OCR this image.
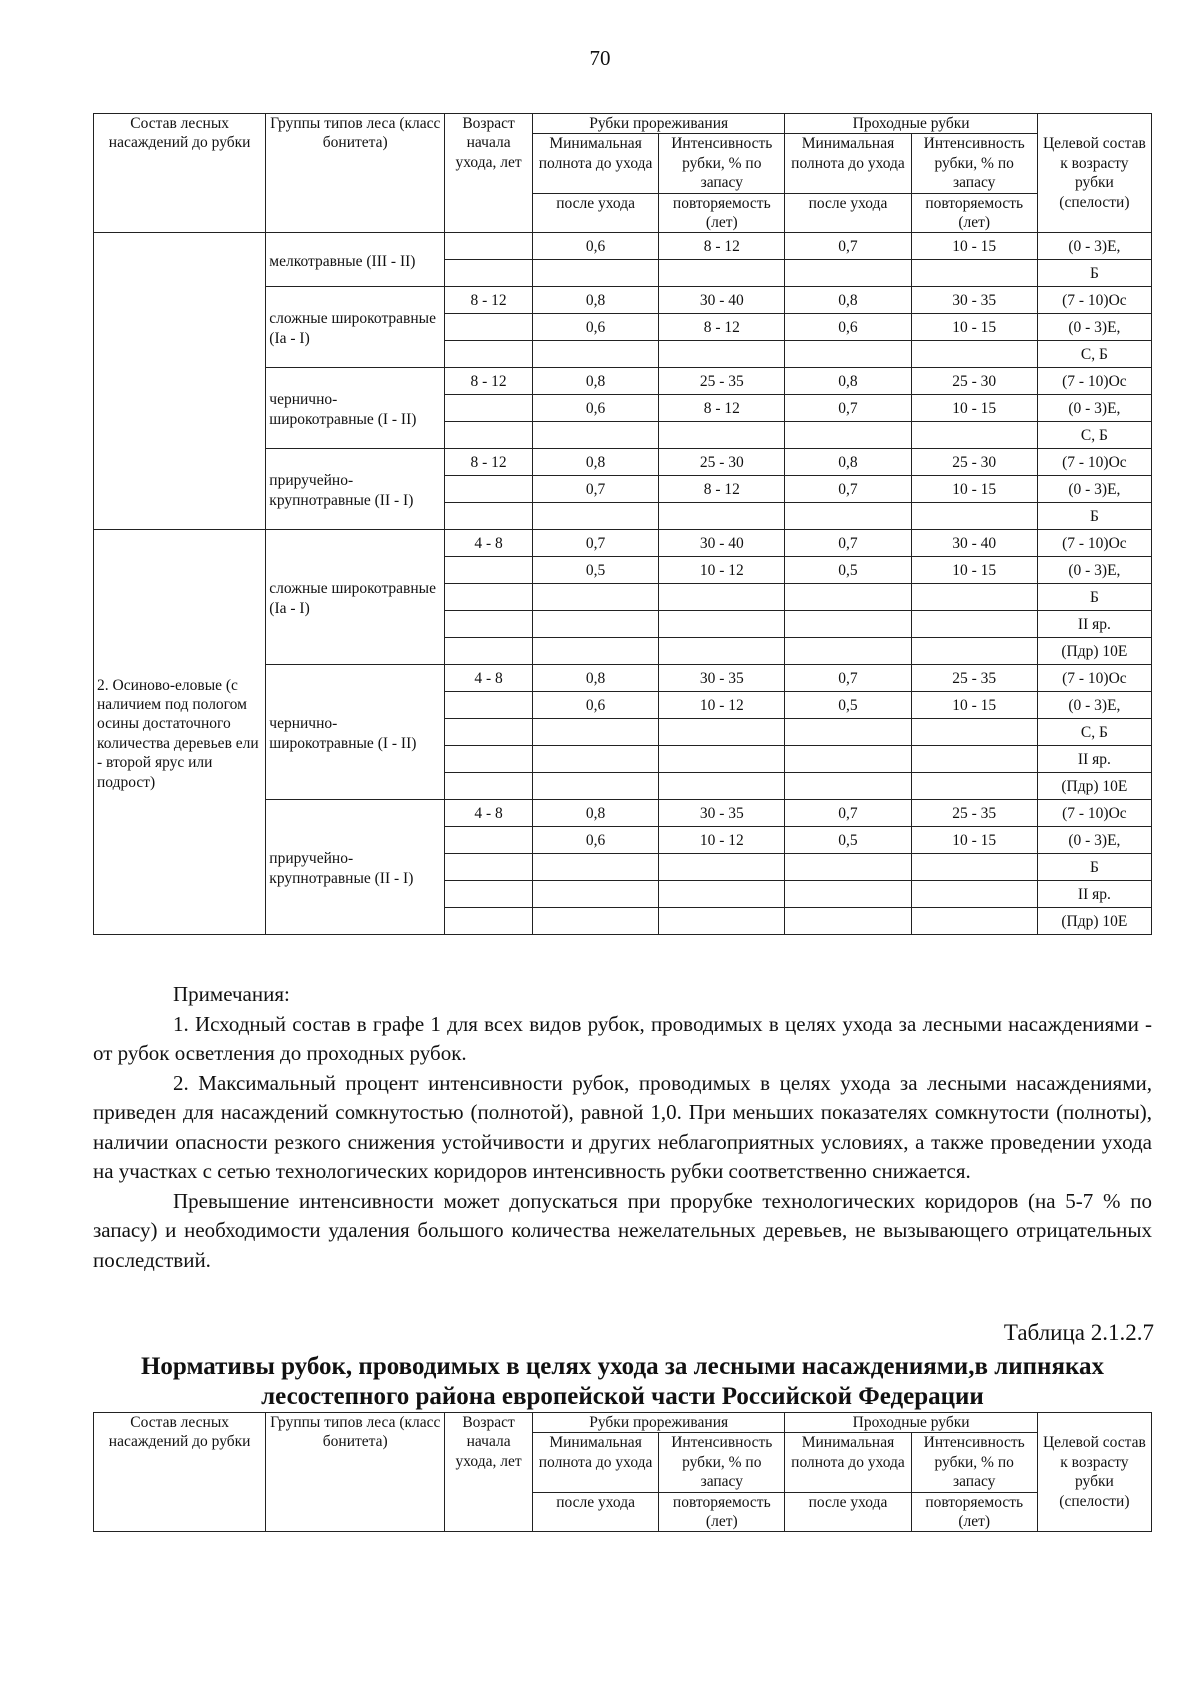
70
Состав лесных насаждений до рубки	Группы типов леса (класс бонитета)	Возраст начала ухода, лет	Рубки прореживания		Проходные рубки		Целевой состав к возрасту рубки (спелости)
			Минимальная полнота до ухода	Интенсивность рубки, % по запасу	Минимальная полнота до ухода	Интенсивность рубки, % по запасу	
			после ухода	повторяемость (лет)	после ухода	повторяемость (лет)	
	мелкотравные (III - II)		0,6	8 - 12	0,7	10 - 15	(0 - 3)Е,
							Б
	сложные широкотравные (Iа - I)	8 - 12	0,8	30 - 40	0,8	30 - 35	(7 - 10)Ос
			0,6	8 - 12	0,6	10 - 15	(0 - 3)Е,
							С, Б
	чернично-широкотравные (I - II)	8 - 12	0,8	25 - 35	0,8	25 - 30	(7 - 10)Ос
			0,6	8 - 12	0,7	10 - 15	(0 - 3)Е,
							С, Б
	приручейно-крупнотравные (II - I)	8 - 12	0,8	25 - 30	0,8	25 - 30	(7 - 10)Ос
			0,7	8 - 12	0,7	10 - 15	(0 - 3)Е,
							Б
2. Осиново-еловые (с наличием под пологом осины достаточного количества деревьев ели - второй ярус или подрост)	сложные широкотравные (Iа - I)	4 - 8	0,7	30 - 40	0,7	30 - 40	(7 - 10)Ос
			0,5	10 - 12	0,5	10 - 15	(0 - 3)Е,
							Б
							II яр.
							(Пдр) 10Е
	чернично-широкотравные (I - II)	4 - 8	0,8	30 - 35	0,7	25 - 35	(7 - 10)Ос
			0,6	10 - 12	0,5	10 - 15	(0 - 3)Е,
							С, Б
							II яр.
							(Пдр) 10Е
	приручейно-крупнотравные (II - I)	4 - 8	0,8	30 - 35	0,7	25 - 35	(7 - 10)Ос
			0,6	10 - 12	0,5	10 - 15	(0 - 3)Е,
							Б
							II яр.
							(Пдр) 10Е

Примечания:

1. Исходный состав в графе 1 для всех видов рубок, проводимых в целях ухода за лесными насаждениями - от рубок осветления до проходных рубок.

2. Максимальный процент интенсивности рубок, проводимых в целях ухода за лесными насаждениями, приведен для насаждений сомкнутостью (полнотой), равной 1,0. При меньших показателях сомкнутости (полноты), наличии опасности резкого снижения устойчивости и других неблагоприятных условиях, а также проведении ухода на участках с сетью технологических коридоров интенсивность рубки соответственно снижается.

Превышение интенсивности может допускаться при прорубке технологических коридоров (на 5-7 % по запасу) и необходимости удаления большого количества нежелательных деревьев, не вызывающего отрицательных последствий.

Таблица 2.1.2.7
Нормативы рубок, проводимых в целях ухода за лесными насаждениями,в липняках лесостепного района европейской части Российской Федерации
Состав лесных насаждений до рубки	Группы типов леса (класс бонитета)	Возраст начала ухода, лет	Рубки прореживания		Проходные рубки		Целевой состав к возрасту рубки (спелости)
			Минимальная полнота до ухода	Интенсивность рубки, % по запасу	Минимальная полнота до ухода	Интенсивность рубки, % по запасу	
			после ухода	повторяемость (лет)	после ухода	повторяемость (лет)	
